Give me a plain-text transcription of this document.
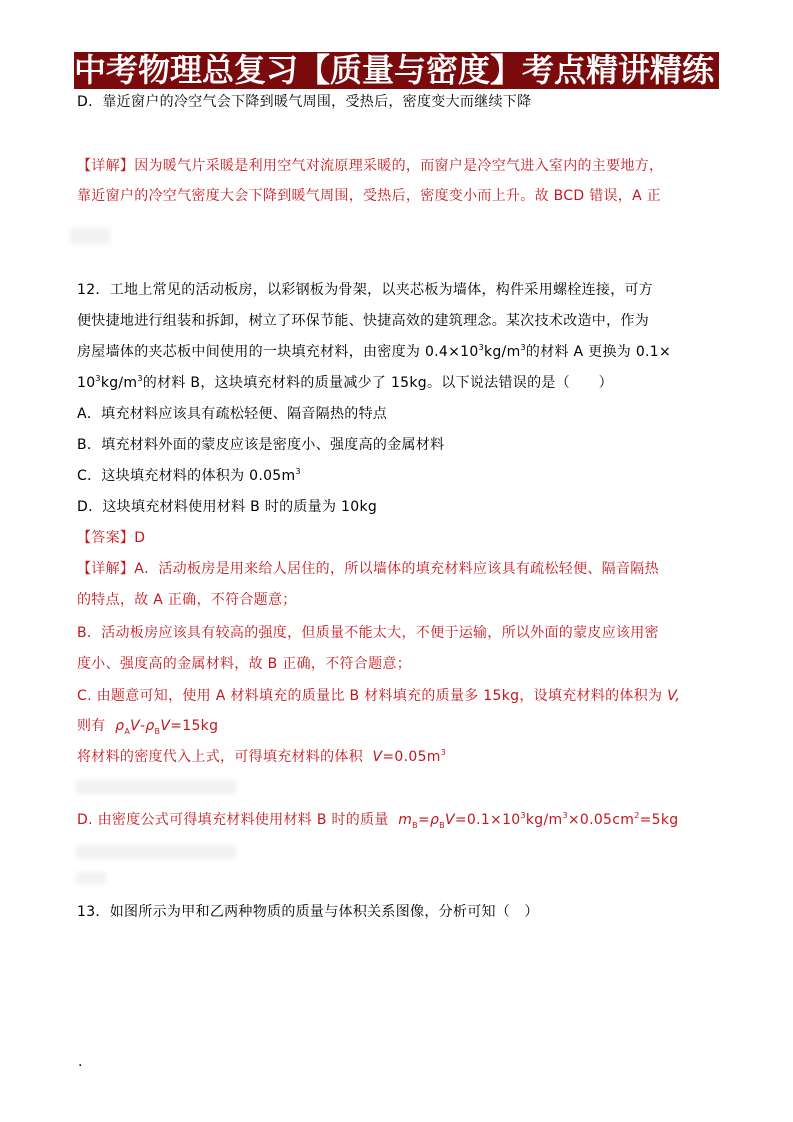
中考物理总复习【质量与密度】考点精讲精练
D．靠近窗户的冷空气会下降到暖气周围，受热后，密度变大而继续下降
【详解】因为暖气片采暖是利用空气对流原理采暖的，而窗户是冷空气进入室内的主要地方，
靠近窗户的冷空气密度大会下降到暖气周围，受热后，密度变小而上升。故 BCD 错误，A 正
12．工地上常见的活动板房，以彩钢板为骨架，以夹芯板为墙体，构件采用螺栓连接，可方
便快捷地进行组装和拆卸，树立了环保节能、快捷高效的建筑理念。某次技术改造中，作为
房屋墙体的夹芯板中间使用的一块填充材料，由密度为 $0.4\times 10^3kg/m^3$的材料 A 更换为 0.1×
$10^3kg/m^3$的材料 B，这块填充材料的质量减少了 15kg。以下说法错误的是（　　）
A．填充材料应该具有疏松轻便、隔音隔热的特点
B．填充材料外面的蒙皮应该是密度小、强度高的金属材料
C．这块填充材料的体积为 $0.05m^3$
D．这块填充材料使用材料 B 时的质量为 10kg
【答案】D
【详解】A．活动板房是用来给人居住的，所以墙体的填充材料应该具有疏松轻便、隔音隔热
的特点，故 A 正确，不符合题意；
B．活动板房应该具有较高的强度，但质量不能太大，不便于运输，所以外面的蒙皮应该用密
度小、强度高的金属材料，故 B 正确，不符合题意；
C. 由题意可知，使用 A 材料填充的质量比 B 材料填充的质量多 15kg，设填充材料的体积为 V,
则有 $\rho_AV-\rho_BV=15kg$
将材料的密度代入上式，可得填充材料的体积 $V=0.05m^3$
D. 由密度公式可得填充材料使用材料 B 时的质量 $m_B=\rho_BV=0.1\times 10^3kg/m^3\times 0.05cm^2=5kg$
13．如图所示为甲和乙两种物质的质量与体积关系图像，分析可知（　）
.
